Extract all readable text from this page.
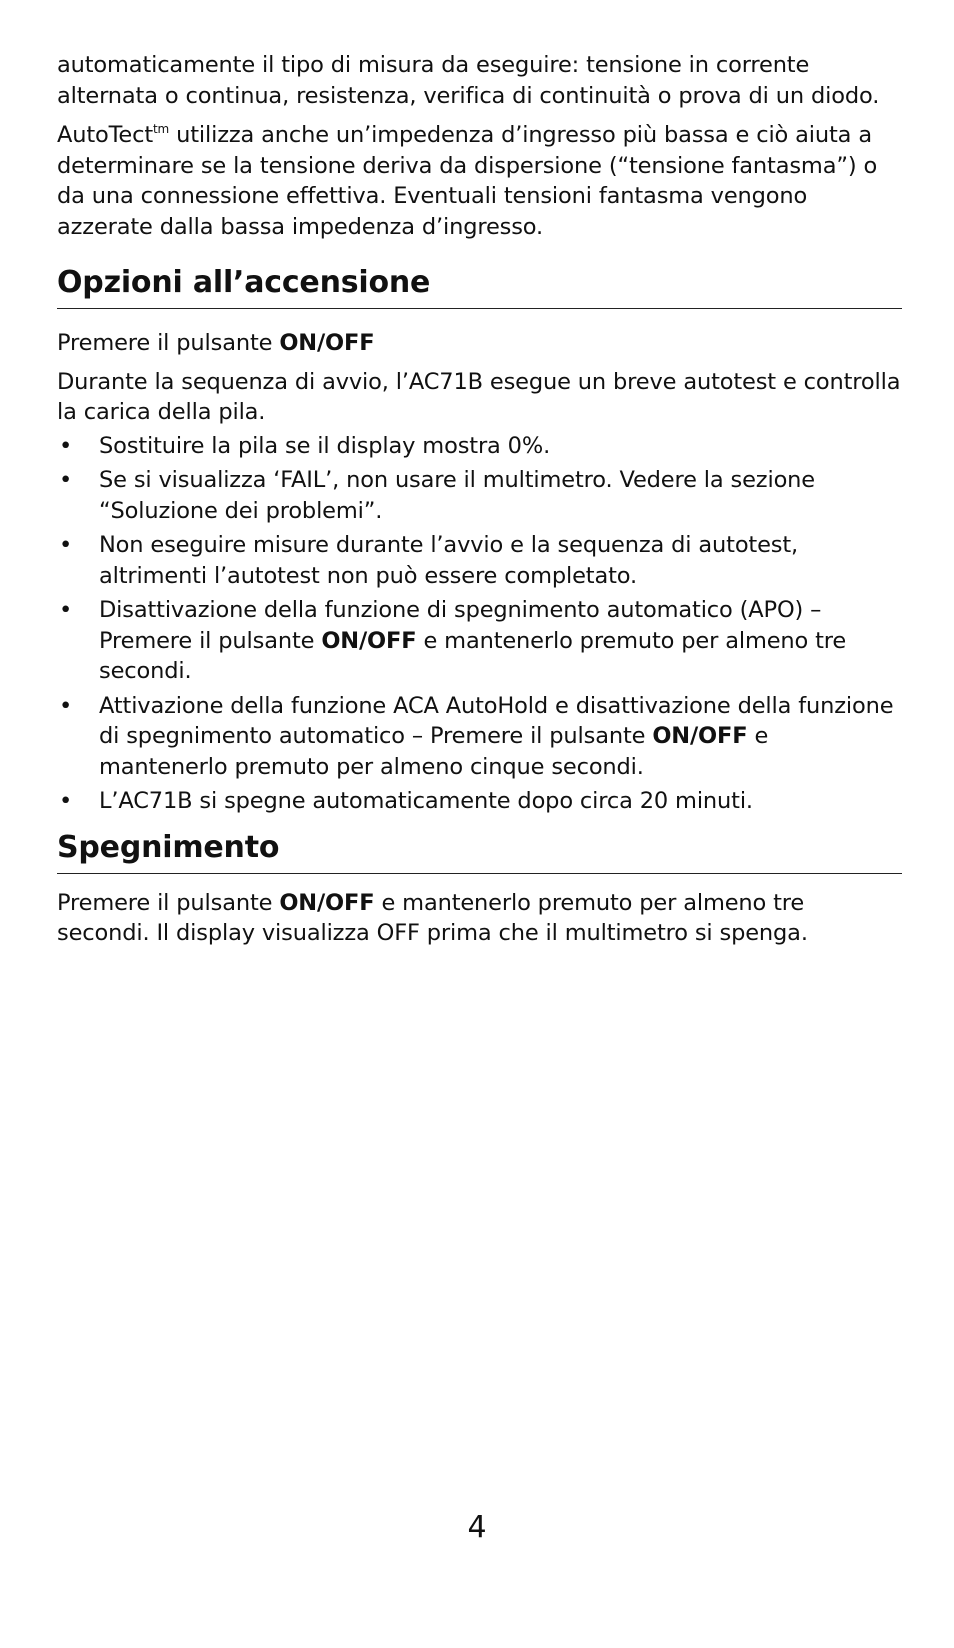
automaticamente il tipo di misura da eseguire: tensione in corrente alternata o continua, resistenza, verifica di continuità o prova di un diodo.

AutoTect$^{tm}$ utilizza anche un’impedenza d’ingresso più bassa e ciò aiuta a determinare se la tensione deriva da dispersione (“tensione fantasma”) o da una connessione effettiva. Eventuali tensioni fantasma vengono azzerate dalla bassa impedenza d’ingresso.

Opzioni all’accensione

Premere il pulsante ON/OFF

Durante la sequenza di avvio, l’AC71B esegue un breve autotest e controlla la carica della pila.

• Sostituire la pila se il display mostra 0%.
• Se si visualizza ‘FAIL’, non usare il multimetro. Vedere la sezione “Soluzione dei problemi”.
• Non eseguire misure durante l’avvio e la sequenza di autotest, altrimenti l’autotest non può essere completato.
• Disattivazione della funzione di spegnimento automatico (APO) – Premere il pulsante ON/OFF e mantenerlo premuto per almeno tre secondi.
• Attivazione della funzione ACA AutoHold e disattivazione della funzione di spegnimento automatico – Premere il pulsante ON/OFF e mantenerlo premuto per almeno cinque secondi.
• L’AC71B si spegne automaticamente dopo circa 20 minuti.
Spegnimento

Premere il pulsante ON/OFF e mantenerlo premuto per almeno tre secondi. Il display visualizza OFF prima che il multimetro si spenga.

4
